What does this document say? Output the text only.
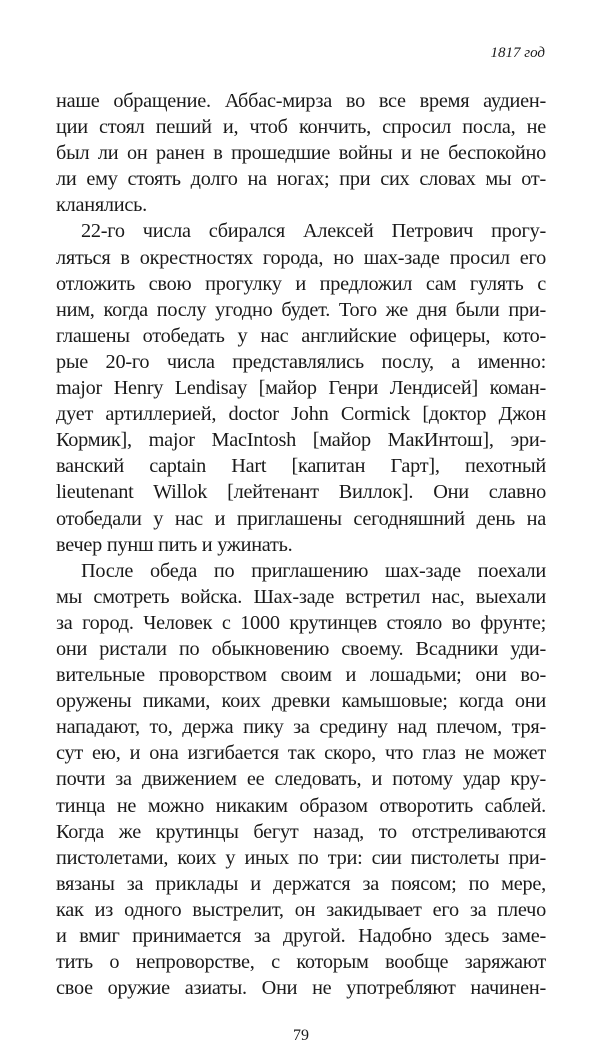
1817 год
наше обращение. Аббас-мирза во все время аудиен-
ции стоял пеший и, чтоб кончить, спросил посла, не
был ли он ранен в прошедшие войны и не беспокойно
ли ему стоять долго на ногах; при сих словах мы от-
кланялись.
22-го числа сбирался Алексей Петрович прогу-
ляться в окрестностях города, но шах-заде просил его
отложить свою прогулку и предложил сам гулять с
ним, когда послу угодно будет. Того же дня были при-
глашены отобедать у нас английские офицеры, кото-
рые 20-го числа представлялись послу, а именно:
major Henry Lendisay [майор Генри Лендисей] коман-
дует артиллерией, doctor John Cormick [доктор Джон
Кормик], major MacIntosh [майор МакИнтош], эри-
ванский captain Hart [капитан Гарт], пехотный
lieutenant Willok [лейтенант Виллок]. Они славно
отобедали у нас и приглашены сегодняшний день на
вечер пунш пить и ужинать.
После обеда по приглашению шах-заде поехали
мы смотреть войска. Шах-заде встретил нас, выехали
за город. Человек с 1000 крутинцев стояло во фрунте;
они ристали по обыкновению своему. Всадники уди-
вительные проворством своим и лошадьми; они во-
оружены пиками, коих древки камышовые; когда они
нападают, то, держа пику за средину над плечом, тря-
сут ею, и она изгибается так скоро, что глаз не может
почти за движением ее следовать, и потому удар кру-
тинца не можно никаким образом отворотить саблей.
Когда же крутинцы бегут назад, то отстреливаются
пистолетами, коих у иных по три: сии пистолеты при-
вязаны за приклады и держатся за поясом; по мере,
как из одного выстрелит, он закидывает его за плечо
и вмиг принимается за другой. Надобно здесь заме-
тить о непроворстве, с которым вообще заряжают
свое оружие азиаты. Они не употребляют начинен-
79
